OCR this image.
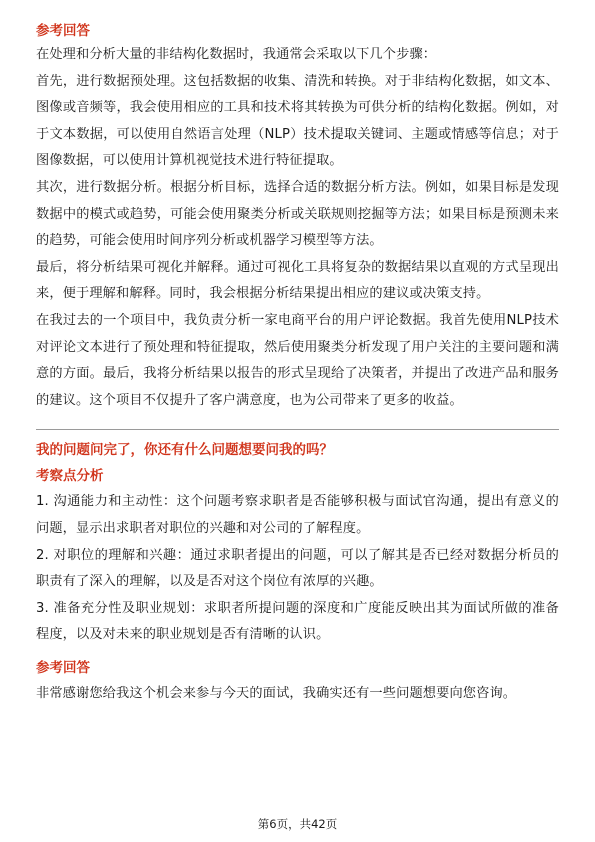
参考回答

在处理和分析大量的非结构化数据时，我通常会采取以下几个步骤：

首先，进行数据预处理。这包括数据的收集、清洗和转换。对于非结构化数据，如文本、图像或音频等，我会使用相应的工具和技术将其转换为可供分析的结构化数据。例如，对于文本数据，可以使用自然语言处理（NLP）技术提取关键词、主题或情感等信息；对于图像数据，可以使用计算机视觉技术进行特征提取。

其次，进行数据分析。根据分析目标，选择合适的数据分析方法。例如，如果目标是发现数据中的模式或趋势，可能会使用聚类分析或关联规则挖掘等方法；如果目标是预测未来的趋势，可能会使用时间序列分析或机器学习模型等方法。

最后，将分析结果可视化并解释。通过可视化工具将复杂的数据结果以直观的方式呈现出来，便于理解和解释。同时，我会根据分析结果提出相应的建议或决策支持。

在我过去的一个项目中，我负责分析一家电商平台的用户评论数据。我首先使用NLP技术对评论文本进行了预处理和特征提取，然后使用聚类分析发现了用户关注的主要问题和满意的方面。最后，我将分析结果以报告的形式呈现给了决策者，并提出了改进产品和服务的建议。这个项目不仅提升了客户满意度，也为公司带来了更多的收益。

我的问题问完了，你还有什么问题想要问我的吗？

考察点分析

1. 沟通能力和主动性：这个问题考察求职者是否能够积极与面试官沟通，提出有意义的问题，显示出求职者对职位的兴趣和对公司的了解程度。

2. 对职位的理解和兴趣：通过求职者提出的问题，可以了解其是否已经对数据分析员的职责有了深入的理解，以及是否对这个岗位有浓厚的兴趣。

3. 准备充分性及职业规划：求职者所提问题的深度和广度能反映出其为面试所做的准备程度，以及对未来的职业规划是否有清晰的认识。

参考回答

非常感谢您给我这个机会来参与今天的面试，我确实还有一些问题想要向您咨询。

第6页，共42页
